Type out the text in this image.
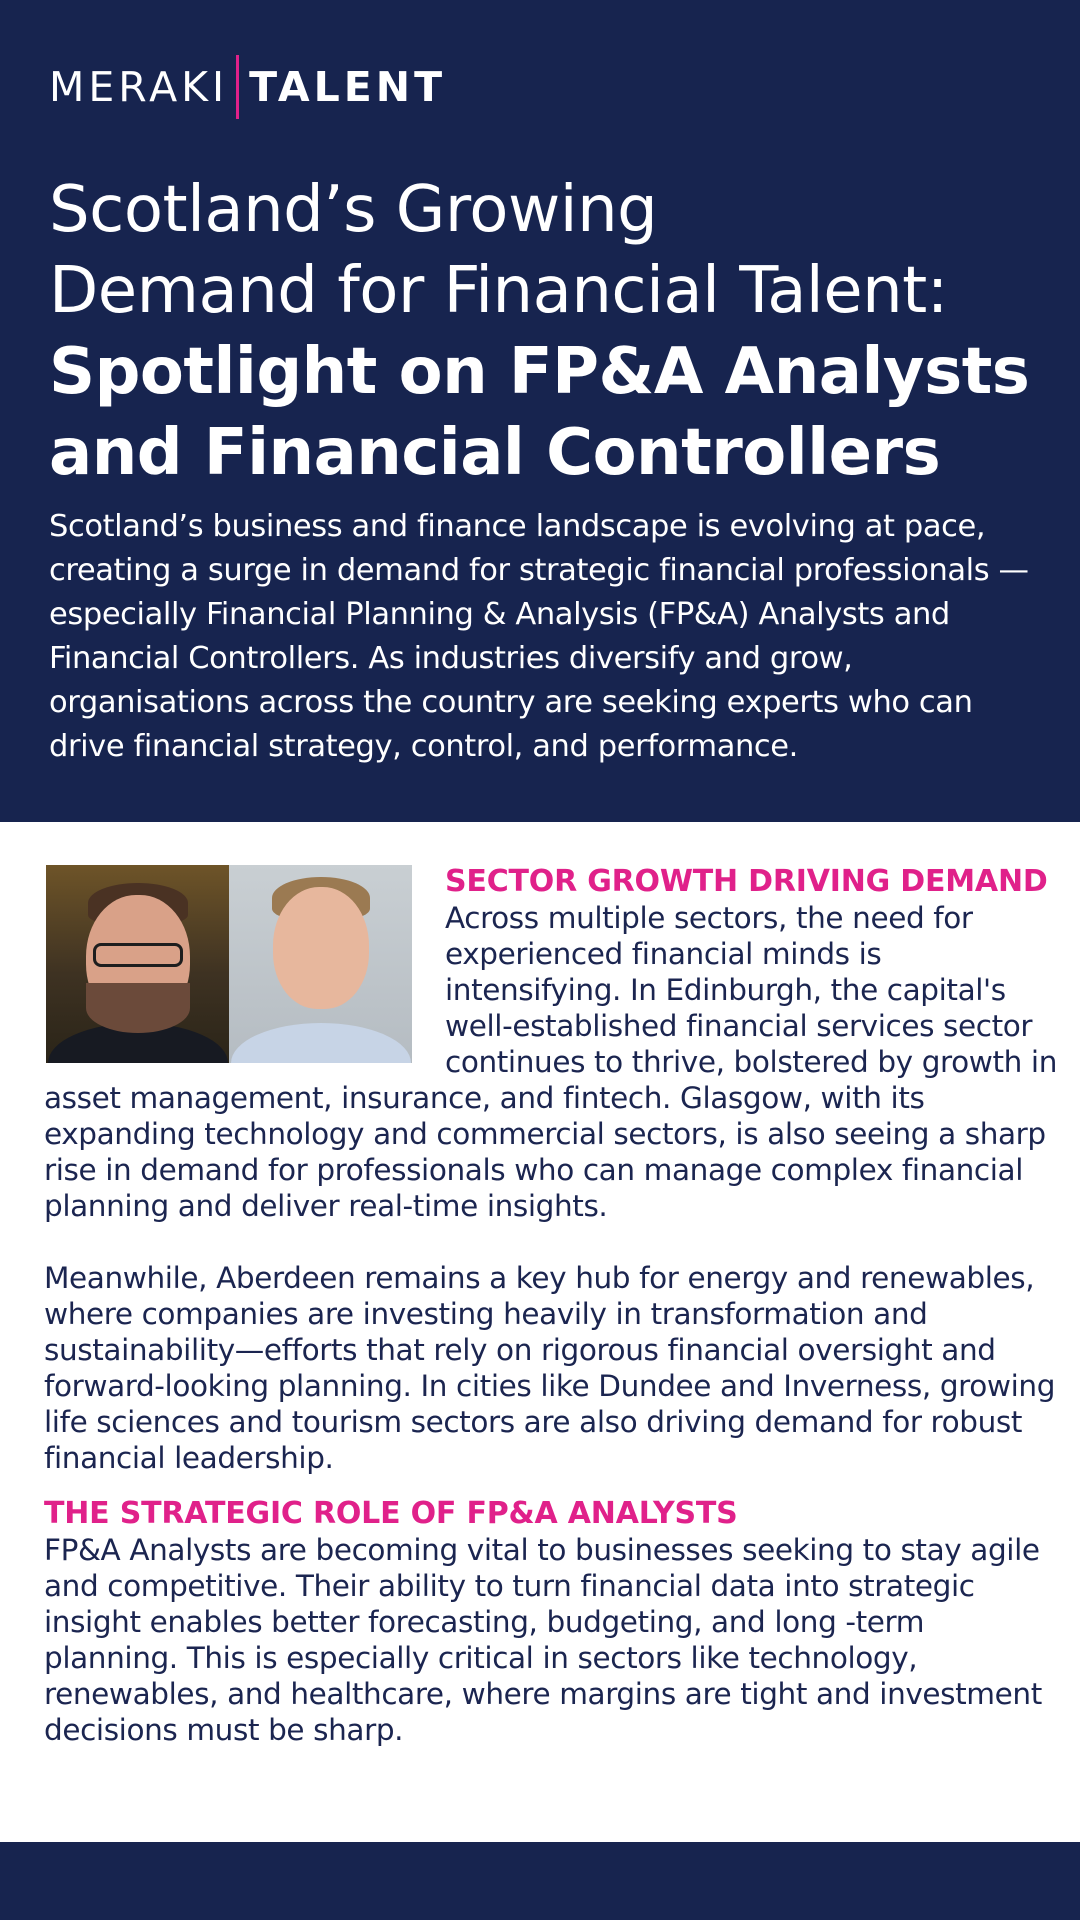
MERAKI TALENT
Scotland’s Growing
Demand for Financial Talent:
Spotlight on FP&A Analysts
and Financial Controllers

Scotland’s business and finance landscape is evolving at pace, creating a surge in demand for strategic financial professionals —especially Financial Planning & Analysis (FP&A) Analysts and Financial Controllers. As industries diversify and grow, organisations across the country are seeking experts who can drive financial strategy, control, and performance.

SECTOR GROWTH DRIVING DEMAND

Across multiple sectors, the need for experienced financial minds is intensifying. In Edinburgh, the capital's well-established financial services sector continues to thrive, bolstered by growth in asset management, insurance, and fintech. Glasgow, with its expanding technology and commercial sectors, is also seeing a sharp rise in demand for professionals who can manage complex financial planning and deliver real-time insights.

Meanwhile, Aberdeen remains a key hub for energy and renewables, where companies are investing heavily in transformation and sustainability—efforts that rely on rigorous financial oversight and forward-looking planning. In cities like Dundee and Inverness, growing life sciences and tourism sectors are also driving demand for robust financial leadership.

THE STRATEGIC ROLE OF FP&A ANALYSTS

FP&A Analysts are becoming vital to businesses seeking to stay agile and competitive. Their ability to turn financial data into strategic insight enables better forecasting, budgeting, and long -term planning. This is especially critical in sectors like technology, renewables, and healthcare, where margins are tight and investment decisions must be sharp.
